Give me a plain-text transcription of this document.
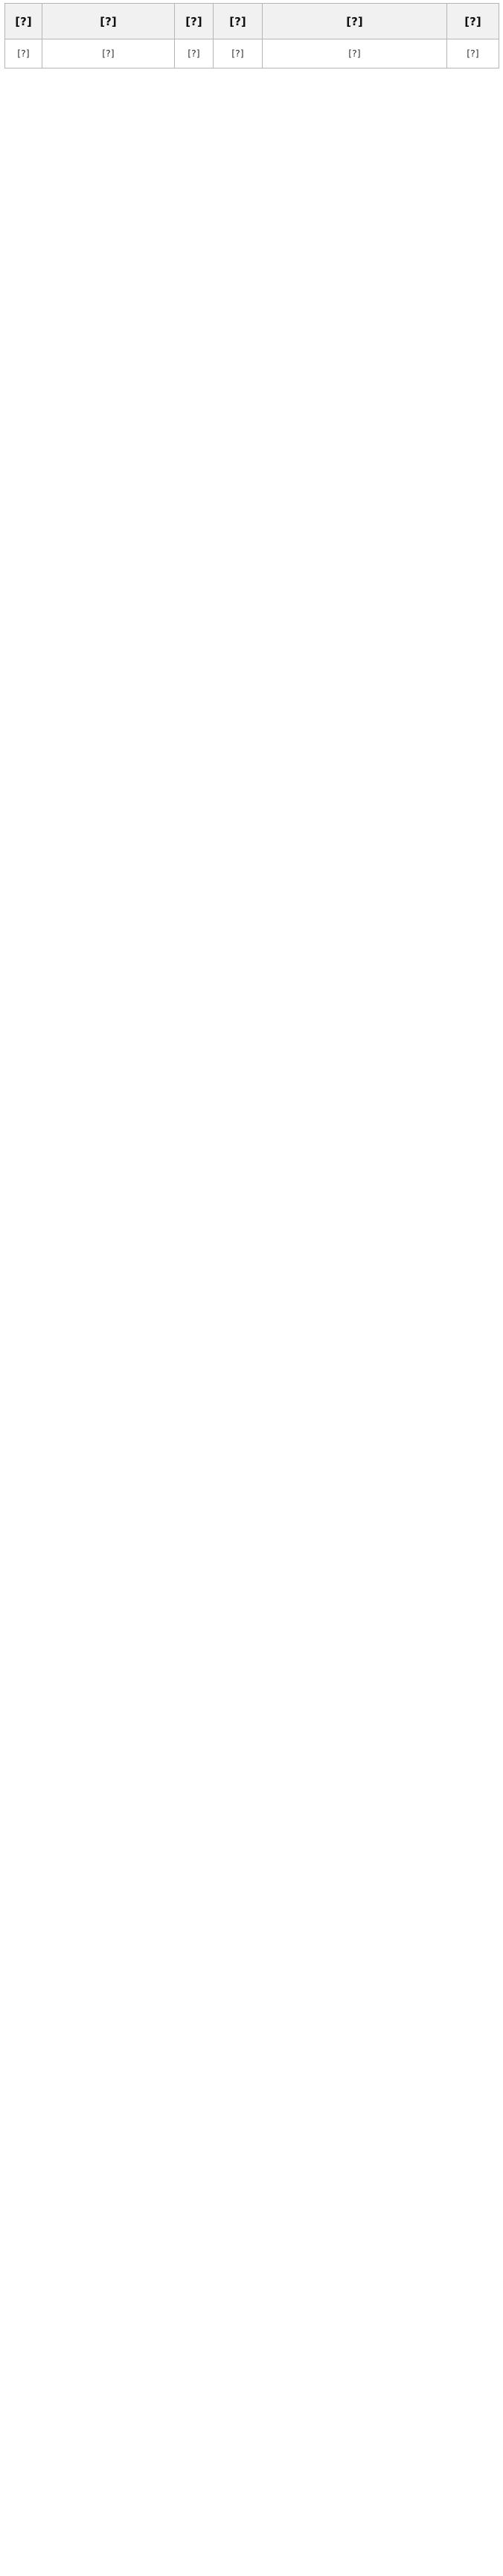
[?]	[?]	[?]	[?]	[?]	[?]
[?]	[?]	[?]	[?]	[?]	[?]
